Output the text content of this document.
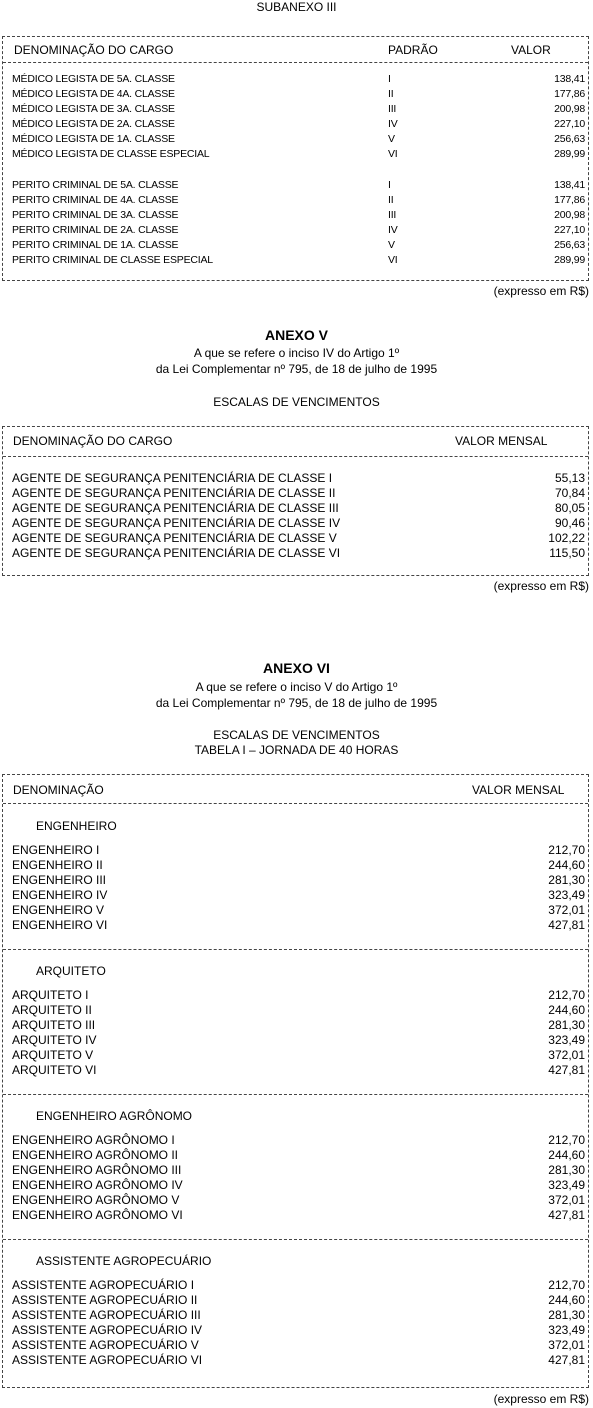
SUBANEXO III
DENOMINAÇÃO DO CARGO	PADRÃO	VALOR
MÉDICO LEGISTA DE 5A. CLASSE	I	138,41
MÉDICO LEGISTA DE 4A. CLASSE	II	177,86
MÉDICO LEGISTA DE 3A. CLASSE	III	200,98
MÉDICO LEGISTA DE 2A. CLASSE	IV	227,10
MÉDICO LEGISTA DE 1A. CLASSE	V	256,63
MÉDICO LEGISTA DE CLASSE ESPECIAL	VI	289,99
PERITO CRIMINAL DE 5A. CLASSE	I	138,41
PERITO CRIMINAL DE 4A. CLASSE	II	177,86
PERITO CRIMINAL DE 3A. CLASSE	III	200,98
PERITO CRIMINAL DE 2A. CLASSE	IV	227,10
PERITO CRIMINAL DE 1A. CLASSE	V	256,63
PERITO CRIMINAL DE CLASSE ESPECIAL	VI	289,99
(expresso em R$)
ANEXO V
A que se refere o inciso IV do Artigo 1º
da Lei Complementar nº 795, de 18 de julho de 1995
ESCALAS DE VENCIMENTOS
DENOMINAÇÃO DO CARGO	VALOR MENSAL
AGENTE DE SEGURANÇA PENITENCIÁRIA DE CLASSE I	55,13
AGENTE DE SEGURANÇA PENITENCIÁRIA DE CLASSE II	70,84
AGENTE DE SEGURANÇA PENITENCIÁRIA DE CLASSE III	80,05
AGENTE DE SEGURANÇA PENITENCIÁRIA DE CLASSE IV	90,46
AGENTE DE SEGURANÇA PENITENCIÁRIA DE CLASSE V	102,22
AGENTE DE SEGURANÇA PENITENCIÁRIA DE CLASSE VI	115,50
(expresso em R$)
ANEXO VI
A que se refere o inciso V do Artigo 1º
da Lei Complementar nº 795, de 18 de julho de 1995
ESCALAS DE VENCIMENTOS
TABELA I – JORNADA DE 40 HORAS
DENOMINAÇÃO	VALOR MENSAL
ENGENHEIRO
ENGENHEIRO I	212,70
ENGENHEIRO II	244,60
ENGENHEIRO III	281,30
ENGENHEIRO IV	323,49
ENGENHEIRO V	372,01
ENGENHEIRO VI	427,81
ARQUITETO
ARQUITETO I	212,70
ARQUITETO II	244,60
ARQUITETO III	281,30
ARQUITETO IV	323,49
ARQUITETO V	372,01
ARQUITETO VI	427,81
ENGENHEIRO AGRÔNOMO
ENGENHEIRO AGRÔNOMO I	212,70
ENGENHEIRO AGRÔNOMO II	244,60
ENGENHEIRO AGRÔNOMO III	281,30
ENGENHEIRO AGRÔNOMO IV	323,49
ENGENHEIRO AGRÔNOMO V	372,01
ENGENHEIRO AGRÔNOMO VI	427,81
ASSISTENTE AGROPECUÁRIO
ASSISTENTE AGROPECUÁRIO I	212,70
ASSISTENTE AGROPECUÁRIO II	244,60
ASSISTENTE AGROPECUÁRIO III	281,30
ASSISTENTE AGROPECUÁRIO IV	323,49
ASSISTENTE AGROPECUÁRIO V	372,01
ASSISTENTE AGROPECUÁRIO VI	427,81
(expresso em R$)
